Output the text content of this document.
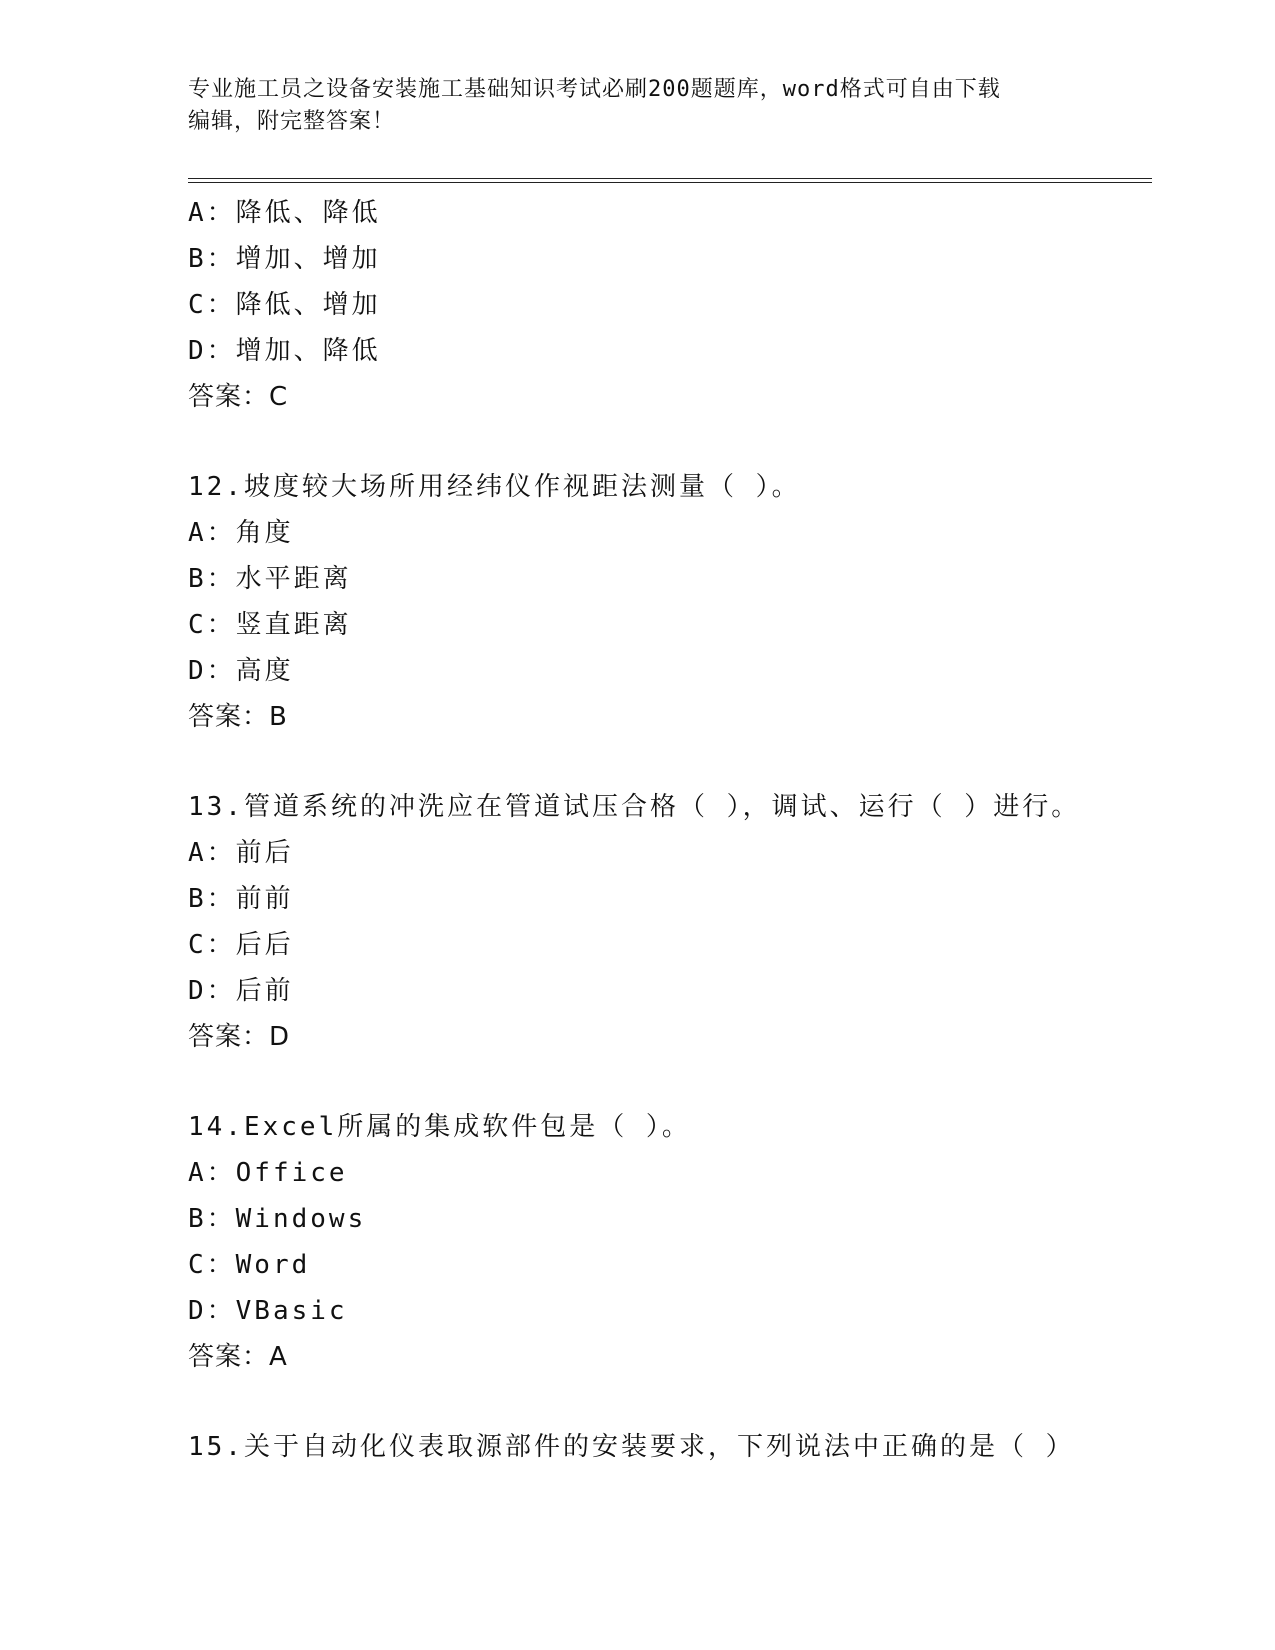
专业施工员之设备安装施工基础知识考试必刷200题题库，word格式可自由下载
编辑，附完整答案！
A：降低、降低
B：增加、增加
C：降低、增加
D：增加、降低
答案：C
12.坡度较大场所用经纬仪作视距法测量（ ）。
A：角度
B：水平距离
C：竖直距离
D：高度
答案：B
13.管道系统的冲洗应在管道试压合格（ ），调试、运行（ ）进行。
A：前后
B：前前
C：后后
D：后前
答案：D
14.Excel所属的集成软件包是（ ）。
A：Office
B：Windows
C：Word
D：VBasic
答案：A
15.关于自动化仪表取源部件的安装要求，下列说法中正确的是（ ）
